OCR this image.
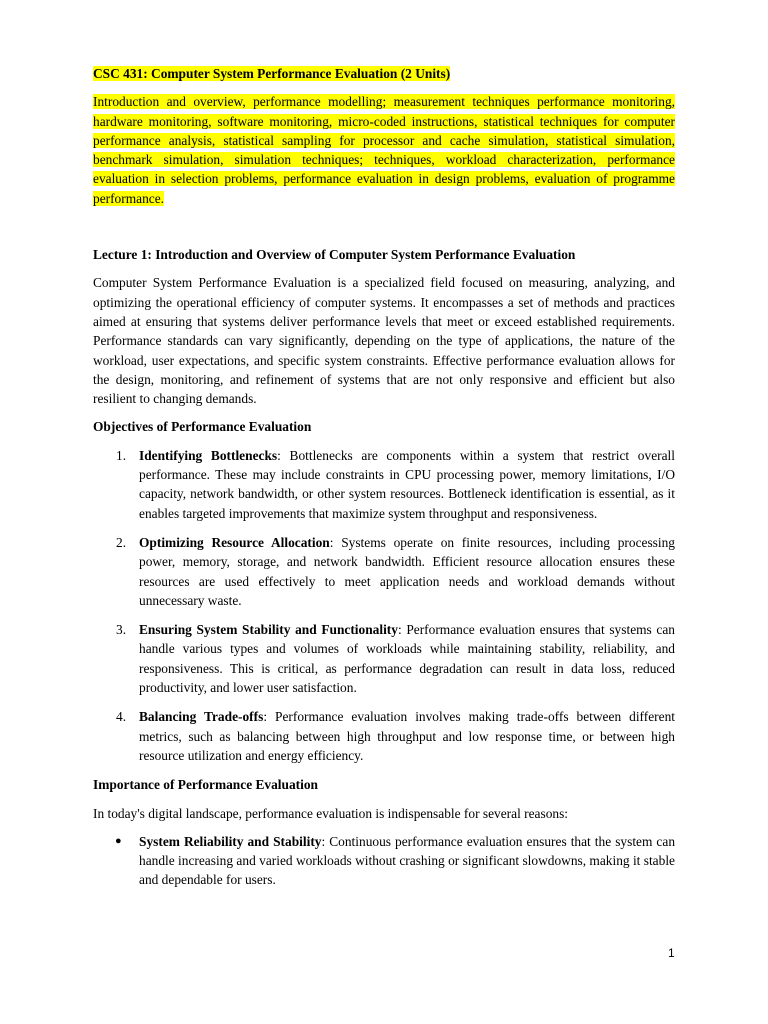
CSC 431: Computer System Performance Evaluation (2 Units)

Introduction and overview, performance modelling; measurement techniques performance monitoring, hardware monitoring, software monitoring, micro-coded instructions, statistical techniques for computer performance analysis, statistical sampling for processor and cache simulation, statistical simulation, benchmark simulation, simulation techniques; techniques, workload characterization, performance evaluation in selection problems, performance evaluation in design problems, evaluation of programme performance.

Lecture 1: Introduction and Overview of Computer System Performance Evaluation

Computer System Performance Evaluation is a specialized field focused on measuring, analyzing, and optimizing the operational efficiency of computer systems. It encompasses a set of methods and practices aimed at ensuring that systems deliver performance levels that meet or exceed established requirements. Performance standards can vary significantly, depending on the type of applications, the nature of the workload, user expectations, and specific system constraints. Effective performance evaluation allows for the design, monitoring, and refinement of systems that are not only responsive and efficient but also resilient to changing demands.

Objectives of Performance Evaluation
1. Identifying Bottlenecks: Bottlenecks are components within a system that restrict overall performance. These may include constraints in CPU processing power, memory limitations, I/O capacity, network bandwidth, or other system resources. Bottleneck identification is essential, as it enables targeted improvements that maximize system throughput and responsiveness.
2. Optimizing Resource Allocation: Systems operate on finite resources, including processing power, memory, storage, and network bandwidth. Efficient resource allocation ensures these resources are used effectively to meet application needs and workload demands without unnecessary waste.
3. Ensuring System Stability and Functionality: Performance evaluation ensures that systems can handle various types and volumes of workloads while maintaining stability, reliability, and responsiveness. This is critical, as performance degradation can result in data loss, reduced productivity, and lower user satisfaction.
4. Balancing Trade-offs: Performance evaluation involves making trade-offs between different metrics, such as balancing between high throughput and low response time, or between high resource utilization and energy efficiency.
Importance of Performance Evaluation

In today's digital landscape, performance evaluation is indispensable for several reasons:

● System Reliability and Stability: Continuous performance evaluation ensures that the system can handle increasing and varied workloads without crashing or significant slowdowns, making it stable and dependable for users.
1
